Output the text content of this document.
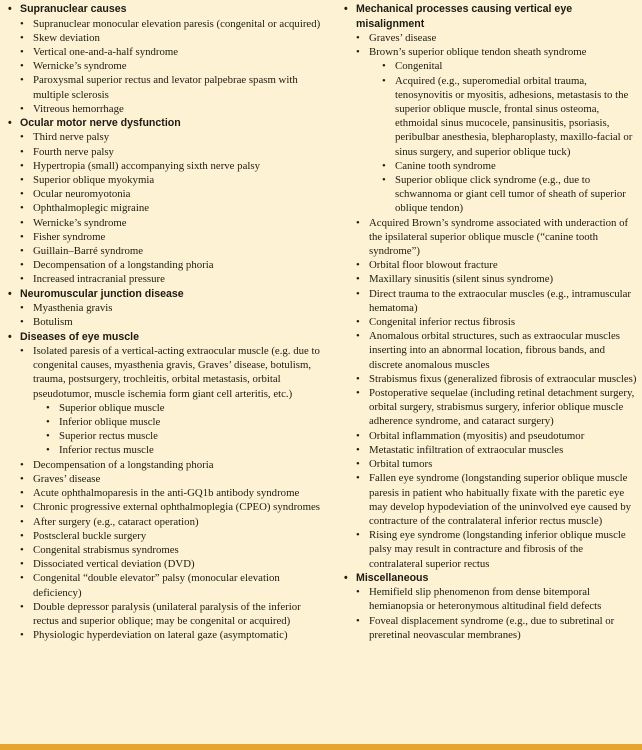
• Supranuclear causes
• Supranuclear monocular elevation paresis (congenital or acquired)
• Skew deviation
• Vertical one-and-a-half syndrome
• Wernicke’s syndrome
• Paroxysmal superior rectus and levator palpebrae spasm with multiple sclerosis
• Vitreous hemorrhage
• Ocular motor nerve dysfunction
• Third nerve palsy
• Fourth nerve palsy
• Hypertropia (small) accompanying sixth nerve palsy
• Superior oblique myokymia
• Ocular neuromyotonia
• Ophthalmoplegic migraine
• Wernicke’s syndrome
• Fisher syndrome
• Guillain–Barré syndrome
• Decompensation of a longstanding phoria
• Increased intracranial pressure
• Neuromuscular junction disease
• Myasthenia gravis
• Botulism
• Diseases of eye muscle
• Isolated paresis of a vertical-acting extraocular muscle (e.g. due to congenital causes, myasthenia gravis, Graves’ disease, botulism, trauma, postsurgery, trochleitis, orbital metastasis, orbital pseudotumor, muscle ischemia form giant cell arteritis, etc.)
• Superior oblique muscle
• Inferior oblique muscle
• Superior rectus muscle
• Inferior rectus muscle
• Decompensation of a longstanding phoria
• Graves’ disease
• Acute ophthalmoparesis in the anti-GQ1b antibody syndrome
• Chronic progressive external ophthalmoplegia (CPEO) syndromes
• After surgery (e.g., cataract operation)
• Postscleral buckle surgery
• Congenital strabismus syndromes
• Dissociated vertical deviation (DVD)
• Congenital “double elevator” palsy (monocular elevation deficiency)
• Double depressor paralysis (unilateral paralysis of the inferior rectus and superior oblique; may be congenital or acquired)
• Physiologic hyperdeviation on lateral gaze (asymptomatic)
• Mechanical processes causing vertical eye misalignment
• Graves’ disease
• Brown’s superior oblique tendon sheath syndrome
• Congenital
• Acquired (e.g., superomedial orbital trauma, tenosynovitis or myositis, adhesions, metastasis to the superior oblique muscle, frontal sinus osteoma, ethmoidal sinus mucocele, pansinusitis, psoriasis, peribulbar anesthesia, blepharoplasty, maxillo-facial or sinus surgery, and superior oblique tuck)
• Canine tooth syndrome
• Superior oblique click syndrome (e.g., due to schwannoma or giant cell tumor of sheath of superior oblique tendon)
• Acquired Brown’s syndrome associated with underaction of the ipsilateral superior oblique muscle (“canine tooth syndrome”)
• Orbital floor blowout fracture
• Maxillary sinusitis (silent sinus syndrome)
• Direct trauma to the extraocular muscles (e.g., intramuscular hematoma)
• Congenital inferior rectus fibrosis
• Anomalous orbital structures, such as extraocular muscles inserting into an abnormal location, fibrous bands, and discrete anomalous muscles
• Strabismus fixus (generalized fibrosis of extraocular muscles)
• Postoperative sequelae (including retinal detachment surgery, orbital surgery, strabismus surgery, inferior oblique muscle adherence syndrome, and cataract surgery)
• Orbital inflammation (myositis) and pseudotumor
• Metastatic infiltration of extraocular muscles
• Orbital tumors
• Fallen eye syndrome (longstanding superior oblique muscle paresis in patient who habitually fixate with the paretic eye may develop hypodeviation of the uninvolved eye caused by contracture of the contralateral inferior rectus muscle)
• Rising eye syndrome (longstanding inferior oblique muscle palsy may result in contracture and fibrosis of the contralateral superior rectus
• Miscellaneous
• Hemifield slip phenomenon from dense bitemporal hemianopsia or heteronymous altitudinal field defects
• Foveal displacement syndrome (e.g., due to subretinal or preretinal neovascular membranes)
